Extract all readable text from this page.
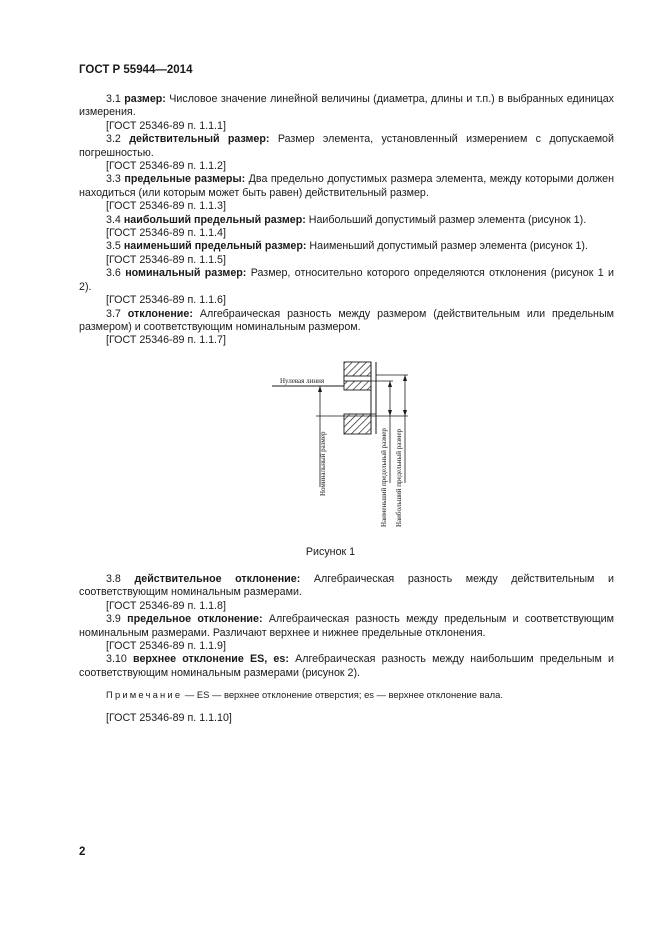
ГОСТ Р 55944—2014

3.1 размер: Числовое значение линейной величины (диаметра, длины и т.п.) в выбранных единицах измерения.

[ГОСТ 25346-89 п. 1.1.1]

3.2 действительный размер: Размер элемента, установленный измерением с допускаемой погрешностью.

[ГОСТ 25346-89 п. 1.1.2]

3.3 предельные размеры: Два предельно допустимых размера элемента, между которыми должен находиться (или которым может быть равен) действительный размер.

[ГОСТ 25346-89 п. 1.1.3]

3.4 наибольший предельный размер: Наибольший допустимый размер элемента (рисунок 1).

[ГОСТ 25346-89 п. 1.1.4]

3.5 наименьший предельный размер: Наименьший допустимый размер элемента (рисунок 1).

[ГОСТ 25346-89 п. 1.1.5]

3.6 номинальный размер: Размер, относительно которого определяются отклонения (рисунок 1 и 2).

[ГОСТ 25346-89 п. 1.1.6]

3.7 отклонение: Алгебраическая разность между размером (действительным или предельным размером) и соответствующим номинальным размером.

[ГОСТ 25346-89 п. 1.1.7]

Нулевая линия
Номинальный размер	Наименьший предельный размер Наибольший предельный размер
Рисунок 1

3.8 действительное отклонение: Алгебраическая разность между действительным и соответствующим номинальным размерами.

[ГОСТ 25346-89 п. 1.1.8]

3.9 предельное отклонение: Алгебраическая разность между предельным и соответствующим номинальным размерами. Различают верхнее и нижнее предельные отклонения.

[ГОСТ 25346-89 п. 1.1.9]

3.10 верхнее отклонение ES, es: Алгебраическая разность между наибольшим предельным и соответствующим номинальным размерами (рисунок 2).

Примечание — ES — верхнее отклонение отверстия; es — верхнее отклонение вала.

[ГОСТ 25346-89 п. 1.1.10]

2
